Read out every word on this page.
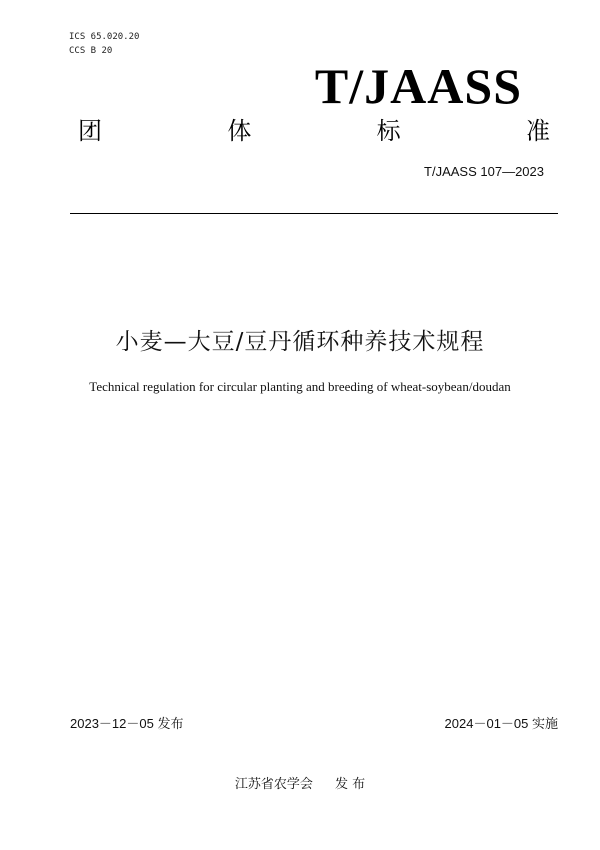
ICS 65.020.20
CCS B 20
T/JAASS
团	体	标	准
T/JAASS 107—2023
小麦—大豆/豆丹循环种养技术规程
Technical regulation for circular planting and breeding of wheat-soybean/doudan
2023－12－05 发布	2024－01－05 实施
江苏省农学会 发 布
